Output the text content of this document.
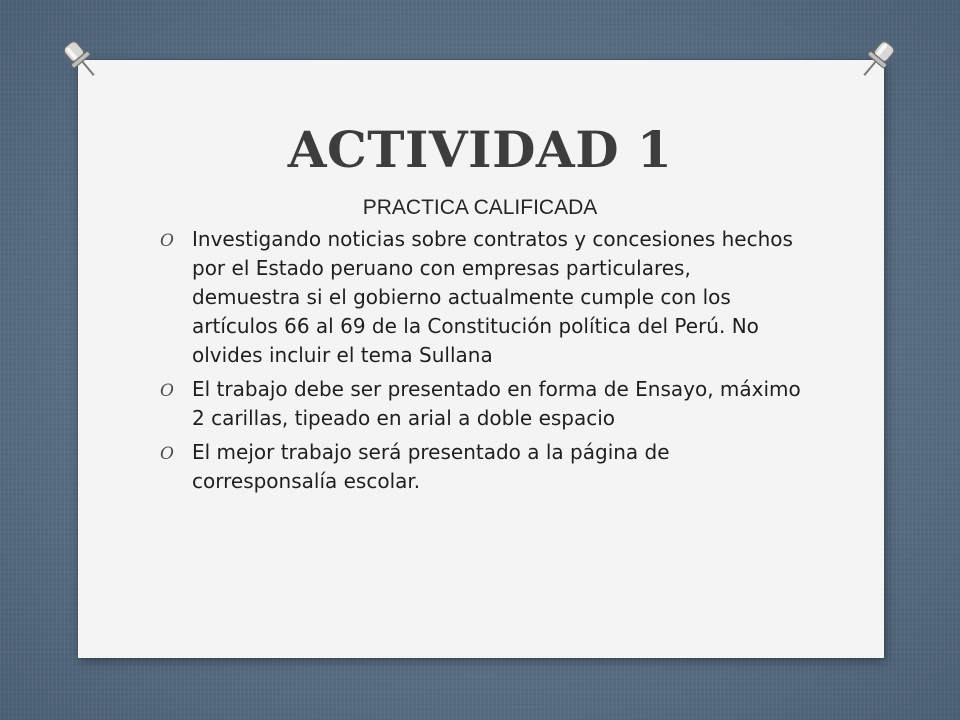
ACTIVIDAD 1

PRACTICA CALIFICADA

O Investigando noticias sobre contratos y concesiones hechos por el Estado peruano con empresas particulares, demuestra si el gobierno actualmente cumple con los artículos 66 al 69 de la Constitución política del Perú. No olvides incluir el tema Sullana
O El trabajo debe ser presentado en forma de Ensayo, máximo 2 carillas, tipeado en arial a doble espacio
O El mejor trabajo será presentado a la página de corresponsalía escolar.
